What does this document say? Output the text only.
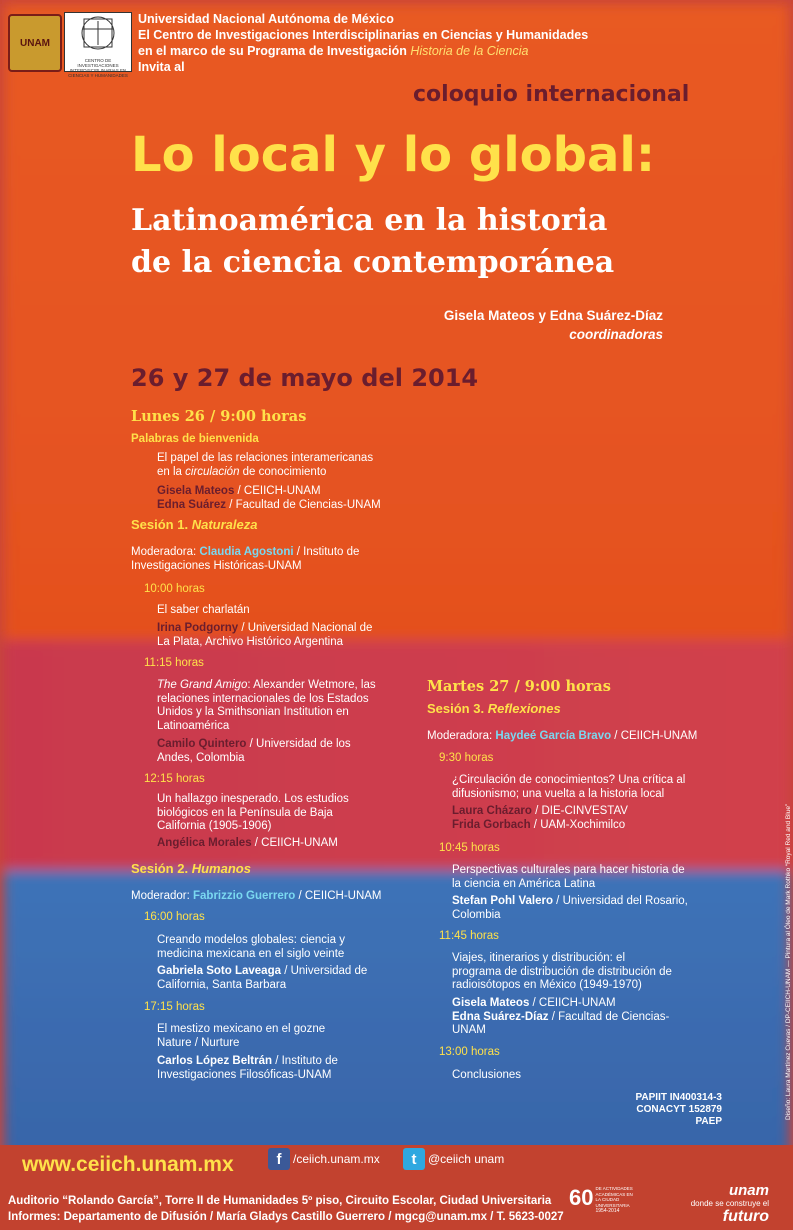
UNAM
CENTRO DE INVESTIGACIONES INTERDISCIPLINARIAS EN CIENCIAS Y HUMANIDADES
Universidad Nacional Autónoma de México
El Centro de Investigaciones Interdisciplinarias en Ciencias y Humanidades
en el marco de su Programa de Investigación Historia de la Ciencia
Invita al
coloquio internacional
Lo local y lo global:
Latinoamérica en la historia
de la ciencia contemporánea
Gisela Mateos y Edna Suárez-Díaz
coordinadoras
26 y 27 de mayo del 2014
Lunes 26 / 9:00 horas
Palabras de bienvenida
El papel de las relaciones interamericanas
en la circulación de conocimiento
Gisela Mateos / CEIICH-UNAM
Edna Suárez / Facultad de Ciencias-UNAM
Sesión 1. Naturaleza
Moderadora: Claudia Agostoni / Instituto de
Investigaciones Históricas-UNAM
10:00 horas
El saber charlatán
Irina Podgorny / Universidad Nacional de
La Plata, Archivo Histórico Argentina
11:15 horas
The Grand Amigo: Alexander Wetmore, las
relaciones internacionales de los Estados
Unidos y la Smithsonian Institution en
Latinoamérica
Camilo Quintero / Universidad de los
Andes, Colombia
12:15 horas
Un hallazgo inesperado. Los estudios
biológicos en la Península de Baja
California (1905-1906)
Angélica Morales / CEIICH-UNAM
Sesión 2. Humanos
Moderador: Fabrizzio Guerrero / CEIICH-UNAM
16:00 horas
Creando modelos globales: ciencia y
medicina mexicana en el siglo veinte
Gabriela Soto Laveaga / Universidad de
California, Santa Barbara
17:15 horas
El mestizo mexicano en el gozne
Nature / Nurture
Carlos López Beltrán / Instituto de
Investigaciones Filosóficas-UNAM
Martes 27 / 9:00 horas
Sesión 3. Reflexiones
Moderadora: Haydeé García Bravo / CEIICH-UNAM
9:30 horas
¿Circulación de conocimientos? Una crítica al
difusionismo; una vuelta a la historia local
Laura Cházaro / DIE-CINVESTAV
Frida Gorbach / UAM-Xochimilco
10:45 horas
Perspectivas culturales para hacer historia de
la ciencia en América Latina
Stefan Pohl Valero / Universidad del Rosario,
Colombia
11:45 horas
Viajes, itinerarios y distribución: el
programa de distribución de distribución de
radioisótopos en México (1949-1970)
Gisela Mateos / CEIICH-UNAM
Edna Suárez-Díaz / Facultad de Ciencias-
UNAM
13:00 horas
Conclusiones
PAPIIT IN400314-3
CONACYT 152879
PAEP
Diseño: Laura Martínez Cuevas / DP-CEIICH-UNAM — Pintura al Óleo de Mark Rothko “Royal Red and Blue”
www.ceiich.unam.mx	f /ceiich.unam.mx	t @ceiich unam
Auditorio “Rolando García”, Torre II de Humanidades 5º piso, Circuito Escolar, Ciudad Universitaria
Informes: Departamento de Difusión / María Gladys Castillo Guerrero / mgcg@unam.mx / T. 5623-0027
60 DE ACTIVIDADES ACADÉMICAS EN LA CIUDAD UNIVERSITARIA
1954-2014
unam
donde se construye el
futuro
